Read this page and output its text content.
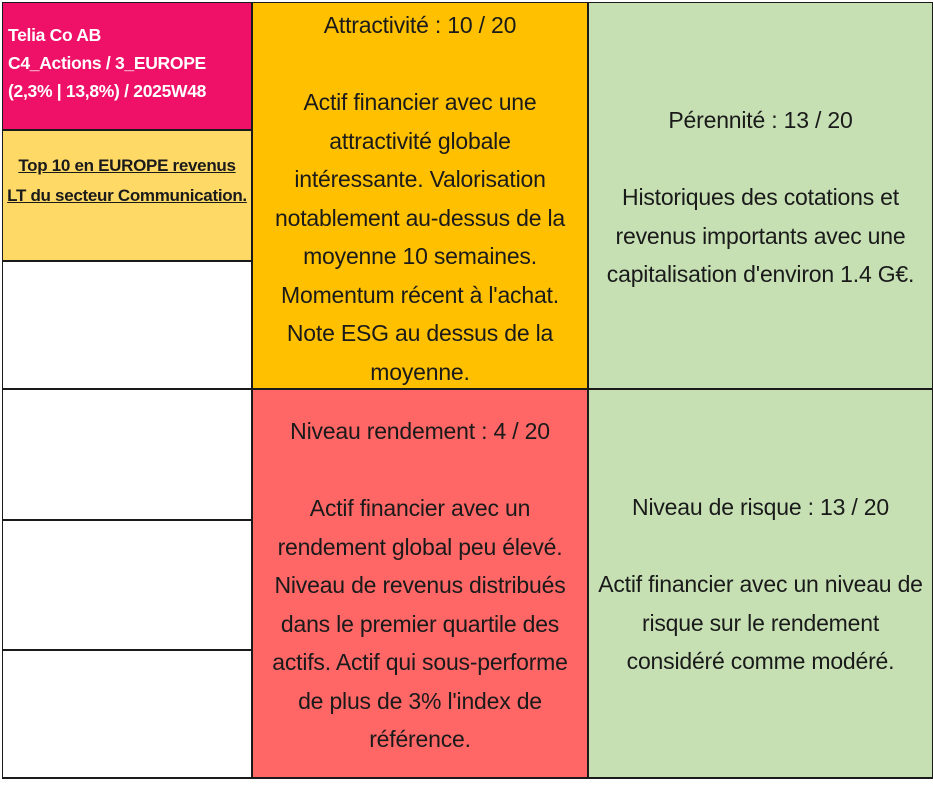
Telia Co AB
C4_Actions / 3_EUROPE
(2,3% | 13,8%) / 2025W48
Top 10 en EUROPE revenus LT du secteur Communication.
Attractivité : 10 / 20
Actif financier avec une attractivité globale intéressante. Valorisation notablement au-dessus de la moyenne 10 semaines. Momentum récent à l'achat. Note ESG au dessus de la moyenne.
Pérennité : 13 / 20
Historiques des cotations et revenus importants avec une capitalisation d'environ 1.4 G€.
Niveau rendement : 4 / 20
Actif financier avec un rendement global peu élevé. Niveau de revenus distribués dans le premier quartile des actifs. Actif qui sous-performe de plus de 3% l'index de référence.
Niveau de risque : 13 / 20
Actif financier avec un niveau de risque sur le rendement considéré comme modéré.
